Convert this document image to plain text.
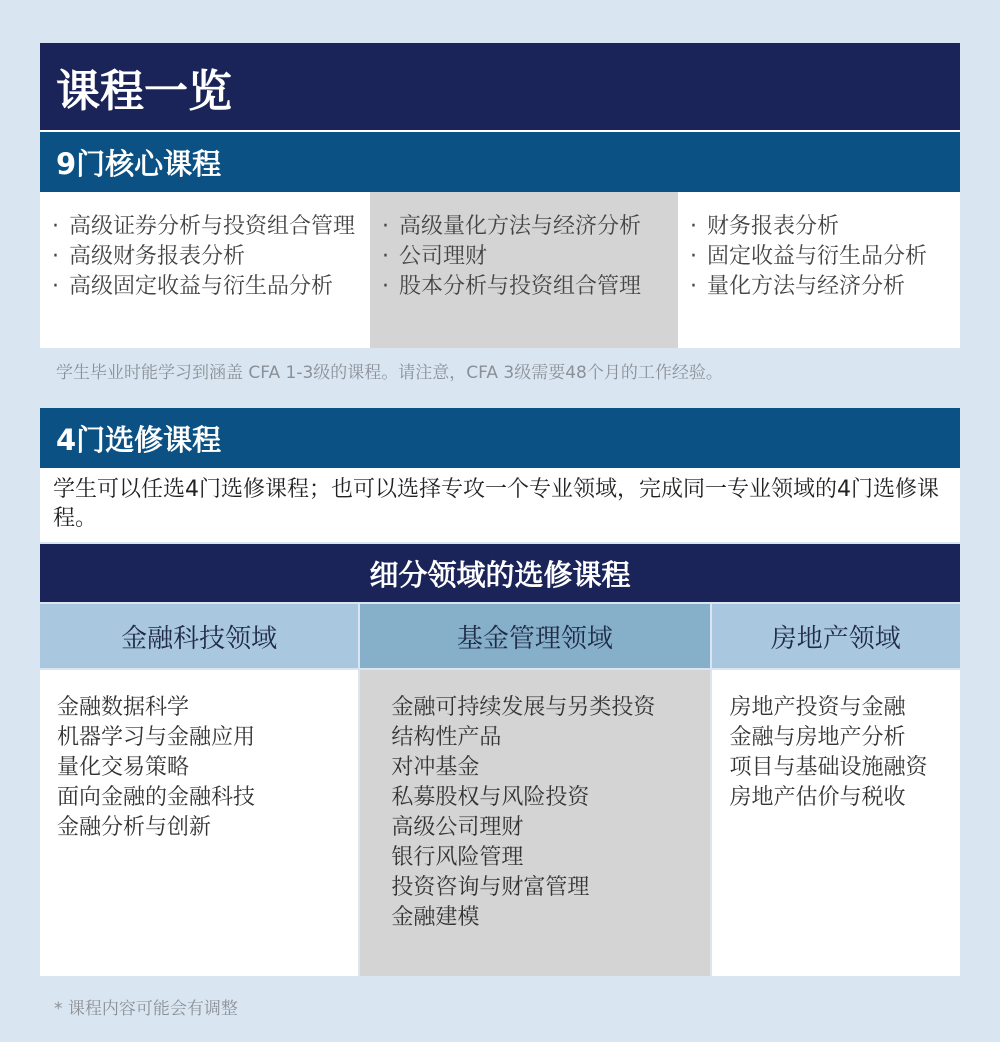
课程一览
9门核心课程
· 高级证券分析与投资组合管理
· 高级财务报表分析
· 高级固定收益与衍生品分析
· 高级量化方法与经济分析
· 公司理财
· 股本分析与投资组合管理
· 财务报表分析
· 固定收益与衍生品分析
· 量化方法与经济分析
学生毕业时能学习到涵盖 CFA 1-3级的课程。请注意，CFA 3级需要48个月的工作经验。
4门选修课程
学生可以任选4门选修课程；也可以选择专攻一个专业领域，完成同一专业领域的4门选修课程。
细分领域的选修课程
金融科技领域
金融数据科学
机器学习与金融应用
量化交易策略
面向金融的金融科技
金融分析与创新
基金管理领域
金融可持续发展与另类投资
结构性产品
对冲基金
私募股权与风险投资
高级公司理财
银行风险管理
投资咨询与财富管理
金融建模
房地产领域
房地产投资与金融
金融与房地产分析
项目与基础设施融资
房地产估价与税收
* 课程内容可能会有调整
